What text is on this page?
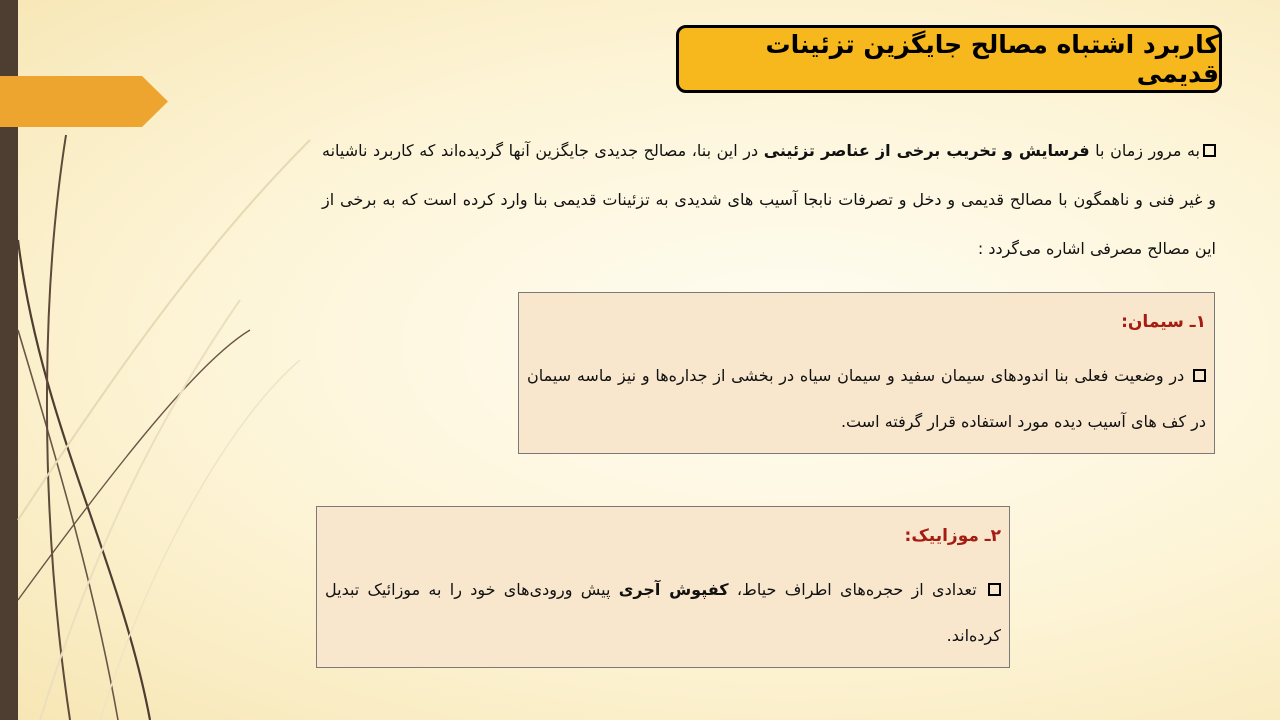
کاربرد اشتباه مصالح جایگزین تزئینات قدیمی
به مرور زمان با فرسایش و تخریب برخی از عناصر تزئینی در این بنا، مصالح جدیدی جایگزین آنها گردیده‌اند که کاربرد ناشیانه و غیر فنی و ناهمگون با مصالح قدیمی و دخل و تصرفات نابجا آسیب های شدیدی به تزئینات قدیمی بنا وارد کرده است که به برخی از این مصالح مصرفی اشاره می‌گردد :
۱ـ سیمان:
در وضعیت فعلی بنا اندودهای سیمان سفید و سیمان سیاه در بخشی از جداره‌ها و نیز ماسه سیمان در کف های آسیب دیده مورد استفاده قرار گرفته است.
۲ـ موزاییک:
تعدادی از حجره‌های اطراف حیاط، کفپوش آجری پیش ورودی‌های خود را به موزائیک تبدیل کرده‌اند.
